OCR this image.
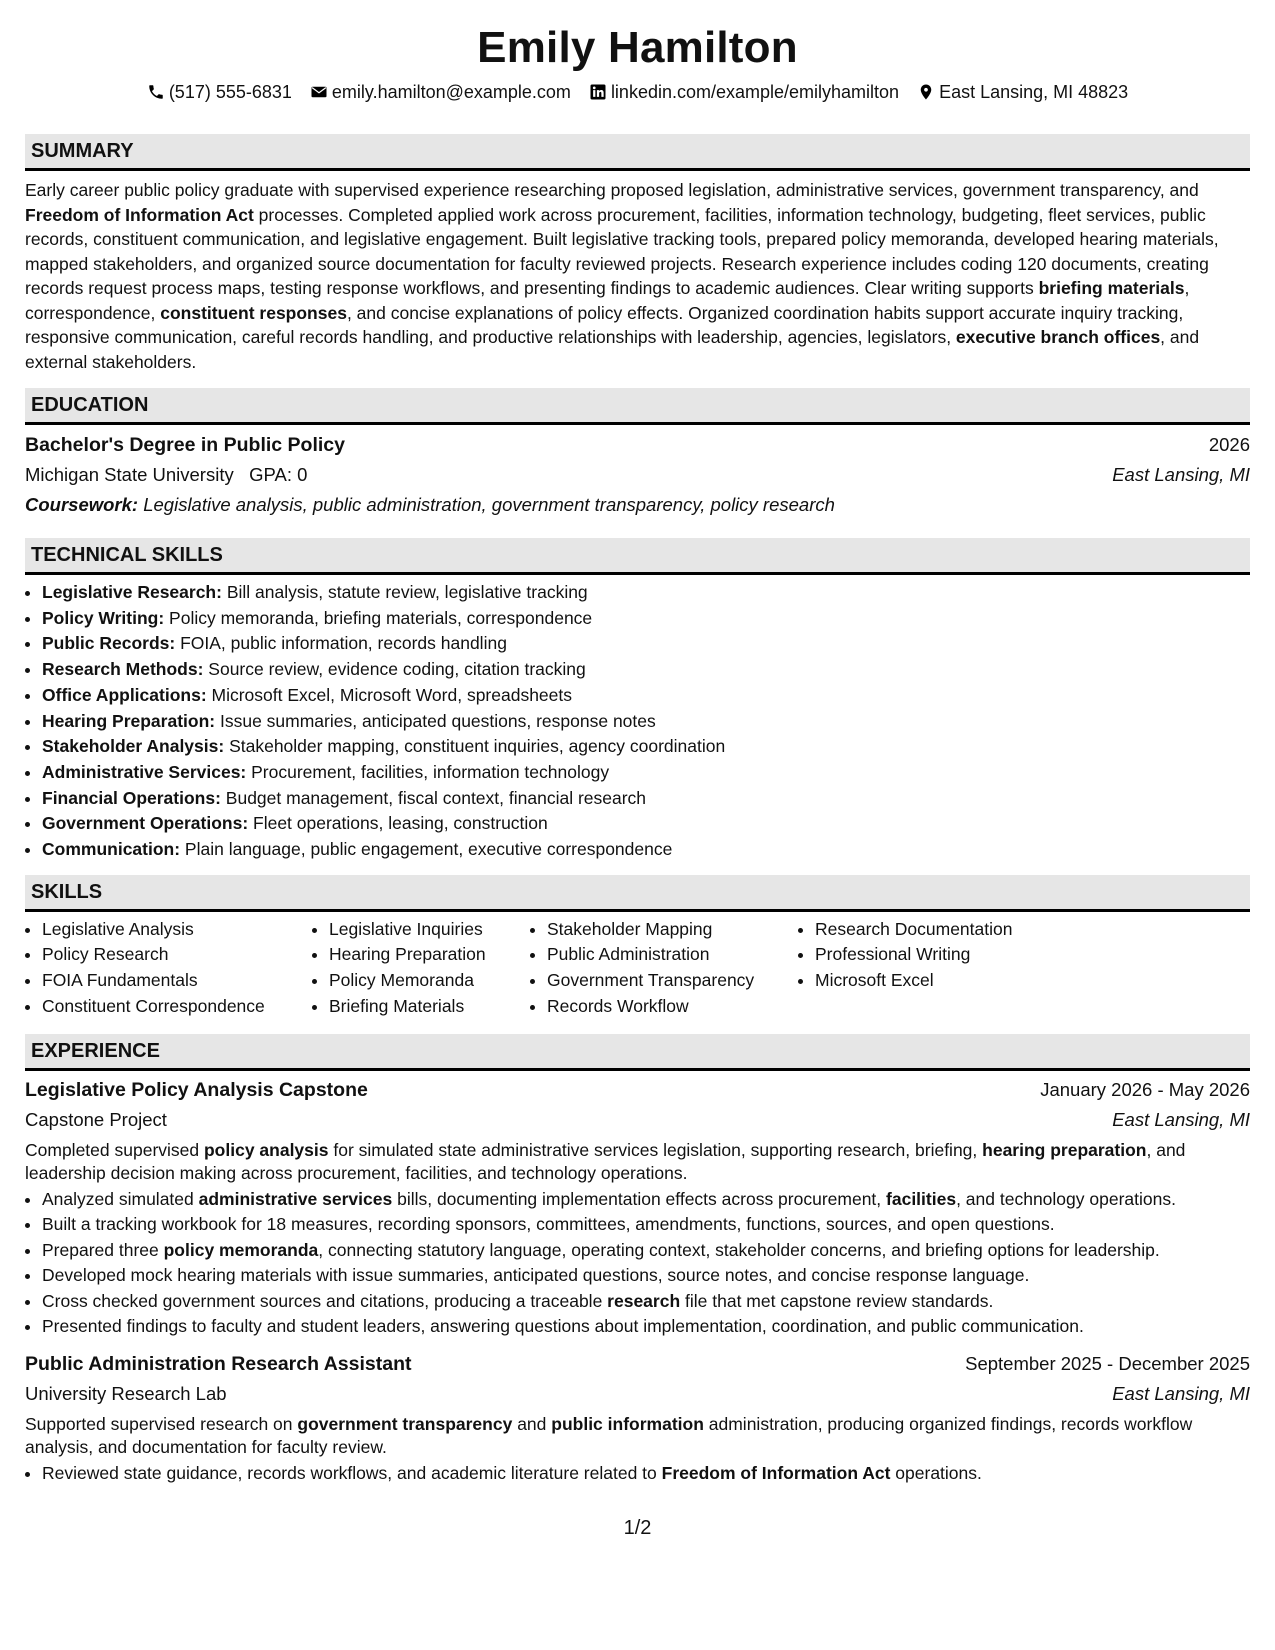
Emily Hamilton
(517) 555-6831 emily.hamilton@example.com linkedin.com/example/emilyhamilton East Lansing, MI 48823
SUMMARY
Early career public policy graduate with supervised experience researching proposed legislation, administrative services, government transparency, and Freedom of Information Act processes. Completed applied work across procurement, facilities, information technology, budgeting, fleet services, public records, constituent communication, and legislative engagement. Built legislative tracking tools, prepared policy memoranda, developed hearing materials, mapped stakeholders, and organized source documentation for faculty reviewed projects. Research experience includes coding 120 documents, creating records request process maps, testing response workflows, and presenting findings to academic audiences. Clear writing supports briefing materials, correspondence, constituent responses, and concise explanations of policy effects. Organized coordination habits support accurate inquiry tracking, responsive communication, careful records handling, and productive relationships with leadership, agencies, legislators, executive branch offices, and external stakeholders.
EDUCATION
Bachelor's Degree in Public Policy	2026
Michigan State University GPA: 0	East Lansing, MI
Coursework: Legislative analysis, public administration, government transparency, policy research
TECHNICAL SKILLS
• Legislative Research: Bill analysis, statute review, legislative tracking
• Policy Writing: Policy memoranda, briefing materials, correspondence
• Public Records: FOIA, public information, records handling
• Research Methods: Source review, evidence coding, citation tracking
• Office Applications: Microsoft Excel, Microsoft Word, spreadsheets
• Hearing Preparation: Issue summaries, anticipated questions, response notes
• Stakeholder Analysis: Stakeholder mapping, constituent inquiries, agency coordination
• Administrative Services: Procurement, facilities, information technology
• Financial Operations: Budget management, fiscal context, financial research
• Government Operations: Fleet operations, leasing, construction
• Communication: Plain language, public engagement, executive correspondence
SKILLS
• Legislative Analysis
• Policy Research
• FOIA Fundamentals
• Constituent Correspondence
• Legislative Inquiries
• Hearing Preparation
• Policy Memoranda
• Briefing Materials
• Stakeholder Mapping
• Public Administration
• Government Transparency
• Records Workflow
• Research Documentation
• Professional Writing
• Microsoft Excel
EXPERIENCE
Legislative Policy Analysis Capstone	January 2026 - May 2026
Capstone Project	East Lansing, MI
Completed supervised policy analysis for simulated state administrative services legislation, supporting research, briefing, hearing preparation, and leadership decision making across procurement, facilities, and technology operations.
• Analyzed simulated administrative services bills, documenting implementation effects across procurement, facilities, and technology operations.
• Built a tracking workbook for 18 measures, recording sponsors, committees, amendments, functions, sources, and open questions.
• Prepared three policy memoranda, connecting statutory language, operating context, stakeholder concerns, and briefing options for leadership.
• Developed mock hearing materials with issue summaries, anticipated questions, source notes, and concise response language.
• Cross checked government sources and citations, producing a traceable research file that met capstone review standards.
• Presented findings to faculty and student leaders, answering questions about implementation, coordination, and public communication.
Public Administration Research Assistant	September 2025 - December 2025
University Research Lab	East Lansing, MI
Supported supervised research on government transparency and public information administration, producing organized findings, records workflow analysis, and documentation for faculty review.
• Reviewed state guidance, records workflows, and academic literature related to Freedom of Information Act operations.
1/2
